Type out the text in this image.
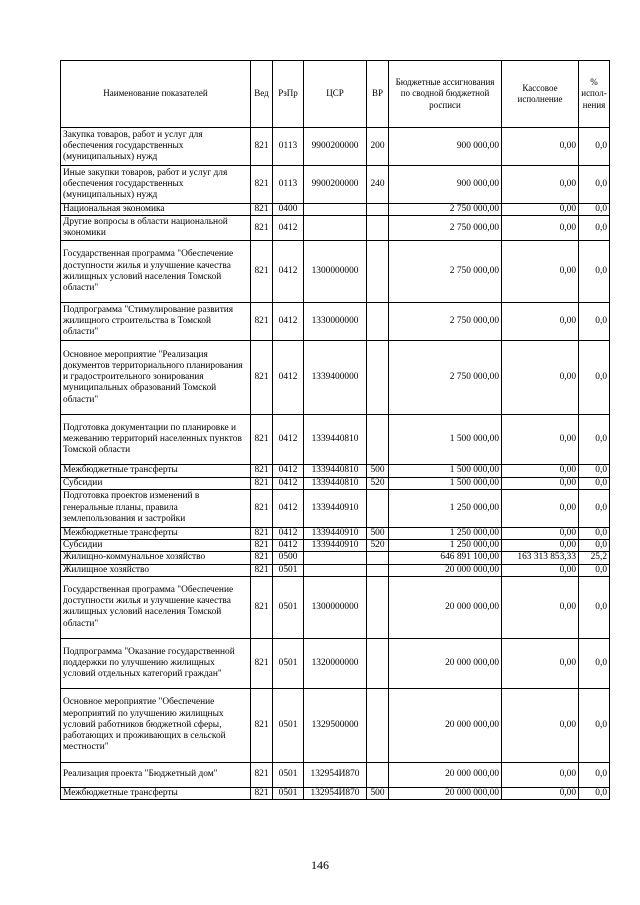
Наименование показателей	Вед	РзПр	ЦСР	ВР	Бюджетные ассигнования по сводной бюджетной росписи	Кассовое исполнение	% испол-нения
Закупка товаров, работ и услуг для обеспечения государственных (муниципальных) нужд	821	0113	9900200000	200	900 000,00	0,00	0,0
Иные закупки товаров, работ и услуг для обеспечения государственных (муниципальных) нужд	821	0113	9900200000	240	900 000,00	0,00	0,0
Национальная экономика	821	0400			2 750 000,00	0,00	0,0
Другие вопросы в области национальной экономики	821	0412			2 750 000,00	0,00	0,0
Государственная программа "Обеспечение доступности жилья и улучшение качества жилищных условий населения Томской области"	821	0412	1300000000		2 750 000,00	0,00	0,0
Подпрограмма "Стимулирование развития жилищного строительства в Томской области"	821	0412	1330000000		2 750 000,00	0,00	0,0
Основное мероприятие "Реализация документов территориального планирования и градостроительного зонирования муниципальных образований Томской области"	821	0412	1339400000		2 750 000,00	0,00	0,0
Подготовка документации по планировке и межеванию территорий населенных пунктов Томской области	821	0412	1339440810		1 500 000,00	0,00	0,0
Межбюджетные трансферты	821	0412	1339440810	500	1 500 000,00	0,00	0,0
Субсидии	821	0412	1339440810	520	1 500 000,00	0,00	0,0
Подготовка проектов изменений в генеральные планы, правила землепользования и застройки	821	0412	1339440910		1 250 000,00	0,00	0,0
Межбюджетные трансферты	821	0412	1339440910	500	1 250 000,00	0,00	0,0
Субсидии	821	0412	1339440910	520	1 250 000,00	0,00	0,0
Жилищно-коммунальное хозяйство	821	0500			646 891 100,00	163 313 853,33	25,2
Жилищное хозяйство	821	0501			20 000 000,00	0,00	0,0
Государственная программа "Обеспечение доступности жилья и улучшение качества жилищных условий населения Томской области"	821	0501	1300000000		20 000 000,00	0,00	0,0
Подпрограмма "Оказание государственной поддержки по улучшению жилищных условий отдельных категорий граждан"	821	0501	1320000000		20 000 000,00	0,00	0,0
Основное мероприятие "Обеспечение мероприятий по улучшению жилищных условий работников бюджетной сферы, работающих и проживающих в сельской местности"	821	0501	1329500000		20 000 000,00	0,00	0,0
Реализация проекта "Бюджетный дом"	821	0501	132954И870		20 000 000,00	0,00	0,0
Межбюджетные трансферты	821	0501	132954И870	500	20 000 000,00	0,00	0,0
146
